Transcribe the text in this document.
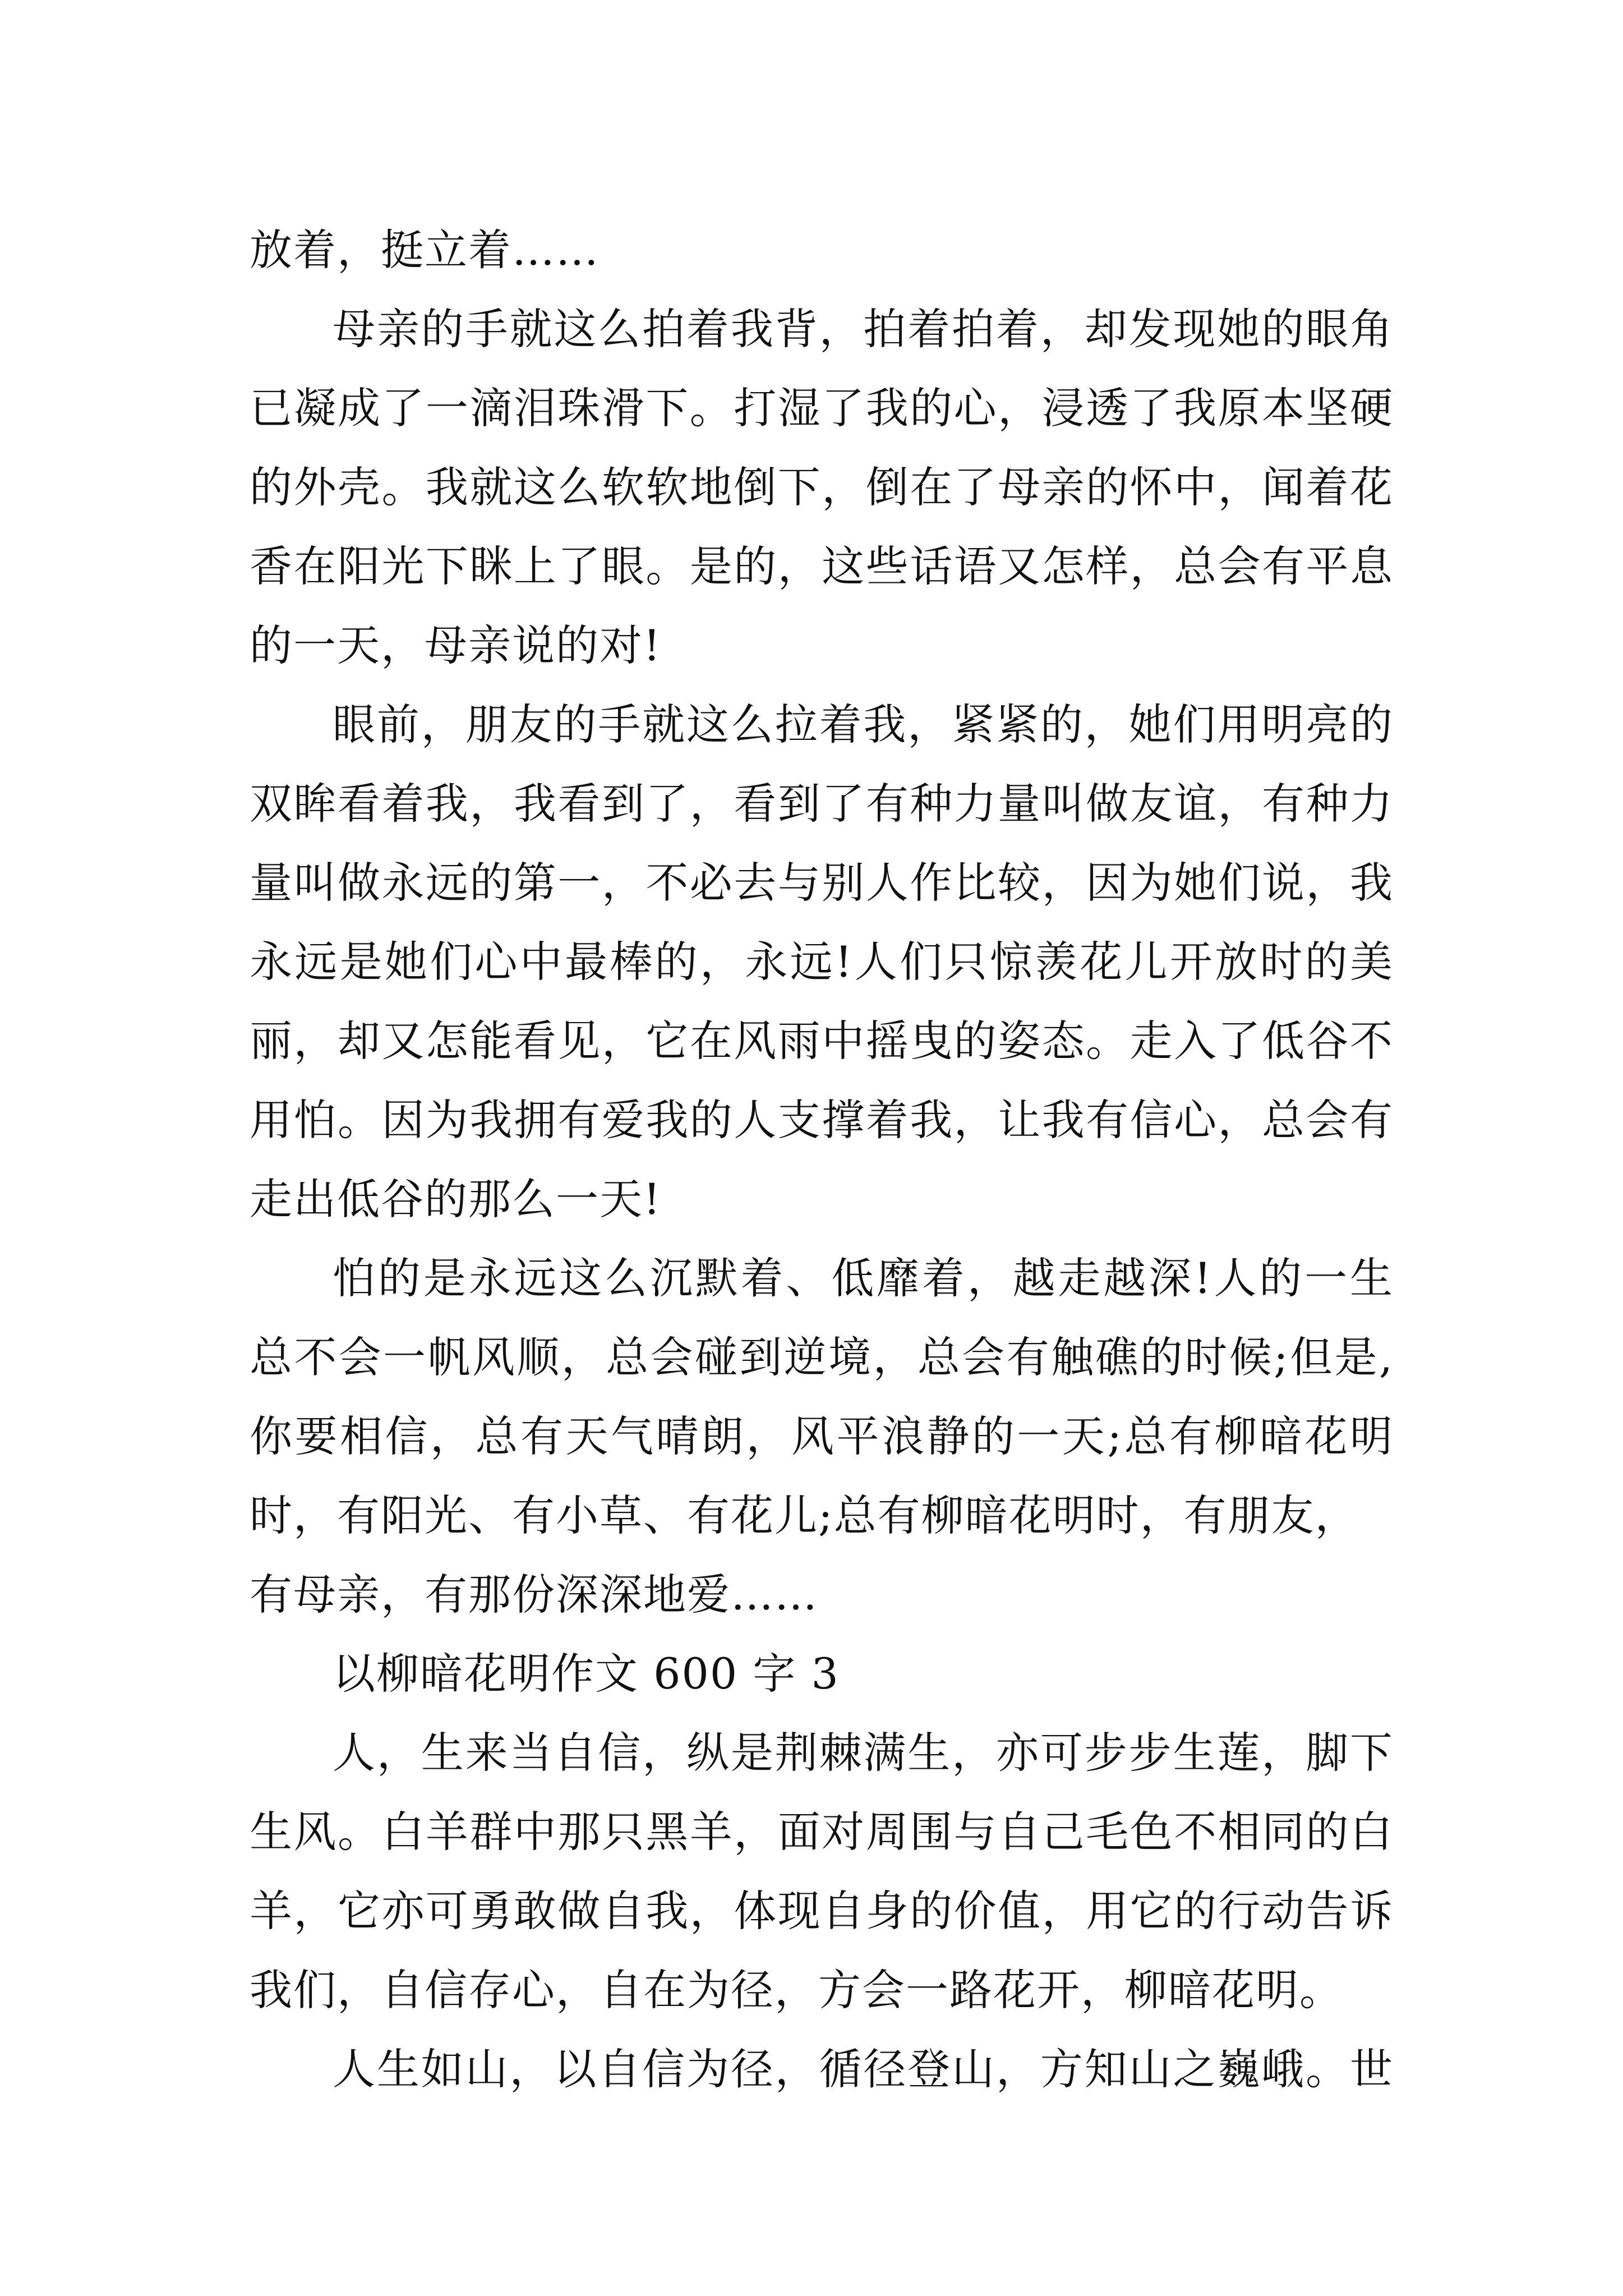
放着，挺立着……
母亲的手就这么拍着我背，拍着拍着，却发现她的眼角
已凝成了一滴泪珠滑下。打湿了我的心，浸透了我原本坚硬
的外壳。我就这么软软地倒下，倒在了母亲的怀中，闻着花
香在阳光下眯上了眼。是的，这些话语又怎样，总会有平息
的一天，母亲说的对!
眼前，朋友的手就这么拉着我，紧紧的，她们用明亮的
双眸看着我，我看到了，看到了有种力量叫做友谊，有种力
量叫做永远的第一，不必去与别人作比较，因为她们说，我
永远是她们心中最棒的，永远!人们只惊羡花儿开放时的美
丽，却又怎能看见，它在风雨中摇曳的姿态。走入了低谷不
用怕。因为我拥有爱我的人支撑着我，让我有信心，总会有
走出低谷的那么一天!
怕的是永远这么沉默着、低靡着，越走越深!人的一生
总不会一帆风顺，总会碰到逆境，总会有触礁的时候;但是,
你要相信，总有天气晴朗，风平浪静的一天;总有柳暗花明
时，有阳光、有小草、有花儿;总有柳暗花明时，有朋友，
有母亲，有那份深深地爱……
以柳暗花明作文 600 字 3
人，生来当自信，纵是荆棘满生，亦可步步生莲，脚下
生风。白羊群中那只黑羊，面对周围与自己毛色不相同的白
羊，它亦可勇敢做自我，体现自身的价值，用它的行动告诉
我们，自信存心，自在为径，方会一路花开，柳暗花明。
人生如山，以自信为径，循径登山，方知山之巍峨。世
